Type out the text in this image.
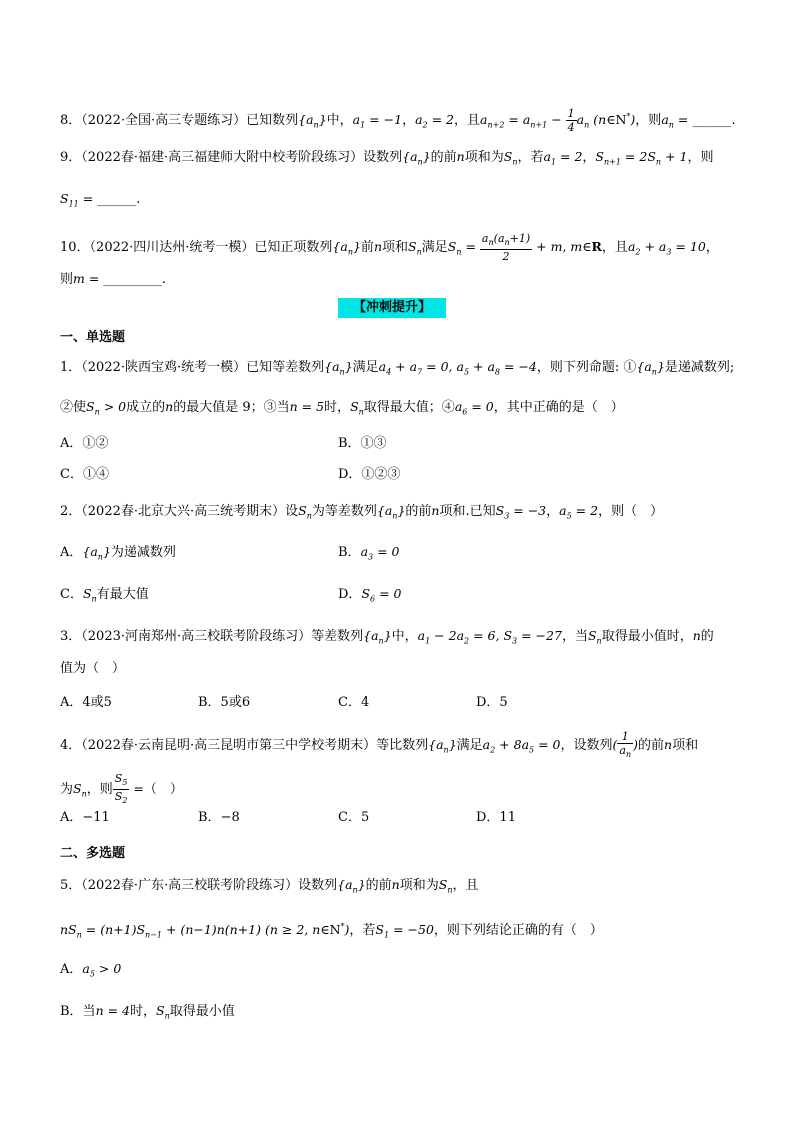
8．（2022·全国·高三专题练习）已知数列$\{a_n\}$中，$a_1 = -1$，$a_2 = 2$，且$a_{n+2} = a_{n+1} - \frac{1}{4} a_n$ (n∈N*)，则$a_n$ = ______.
9．（2022春·福建·高三福建师大附中校考阶段练习）设数列$\{a_n\}$的前n项和为$S_n$，若$a_1 = 2$，$S_{n+1} = 2S_n + 1$，则
$S_{11}$ = ______.
10．（2022·四川达州·统考一模）已知正项数列$\{a_n\}$前n项和$S_n$满足$S_n = \frac{a_n(a_n+1)}{2} + m$, m∈R，且$a_2 + a_3 = 10$，
则m = _________.
【冲刺提升】
一、单选题
1．（2022·陕西宝鸡·统考一模）已知等差数列$\{a_n\}$满足$a_4 + a_7 = 0$, $a_5 + a_8 = -4$，则下列命题: $①\{a_n\}$是递减数列;
②使$S_n > 0$成立的n的最大值是 9；③当n = 5时，$S_n$取得最大值；$④a_6 = 0$，其中正确的是（　）
A．①②	B．①③
C．①④	D．①②③
2．（2022春·北京大兴·高三统考期末）设$S_n$为等差数列$\{a_n\}$的前n项和.已知$S_3 = -3$，$a_5 = 2$，则（　）
A．$\{a_n\}$为递减数列	B．$a_3 = 0$
C．$S_n$有最大值	D．$S_6 = 0$
3．（2023·河南郑州·高三校联考阶段练习）等差数列$\{a_n\}$中，$a_1 - 2a_2 = 6$, $S_3 = -27$，当$S_n$取得最小值时，n的
值为（　）
A．4或5	B．5或6	C．4	D．5
4．（2022春·云南昆明·高三昆明市第三中学校考期末）等比数列$\{a_n\}$满足$a_2 + 8a_5 = 0$，设数列( $\frac{1}{a_n}$ )的前n项和
为$S_n$，则 $\frac{S_5}{S_2}$ =（　）
A．−11	B．−8	C．5	D．11
二、多选题
5．（2022春·广东·高三校联考阶段练习）设数列$\{a_n\}$的前n项和为$S_n$，且
$nS_n = (n+1)S_{n-1} + (n-1)n(n+1) (n \ge 2$, n∈N*)，若$S_1 = -50$，则下列结论正确的有（　）
A．$a_5 > 0$
B．当n = 4时，$S_n$取得最小值
